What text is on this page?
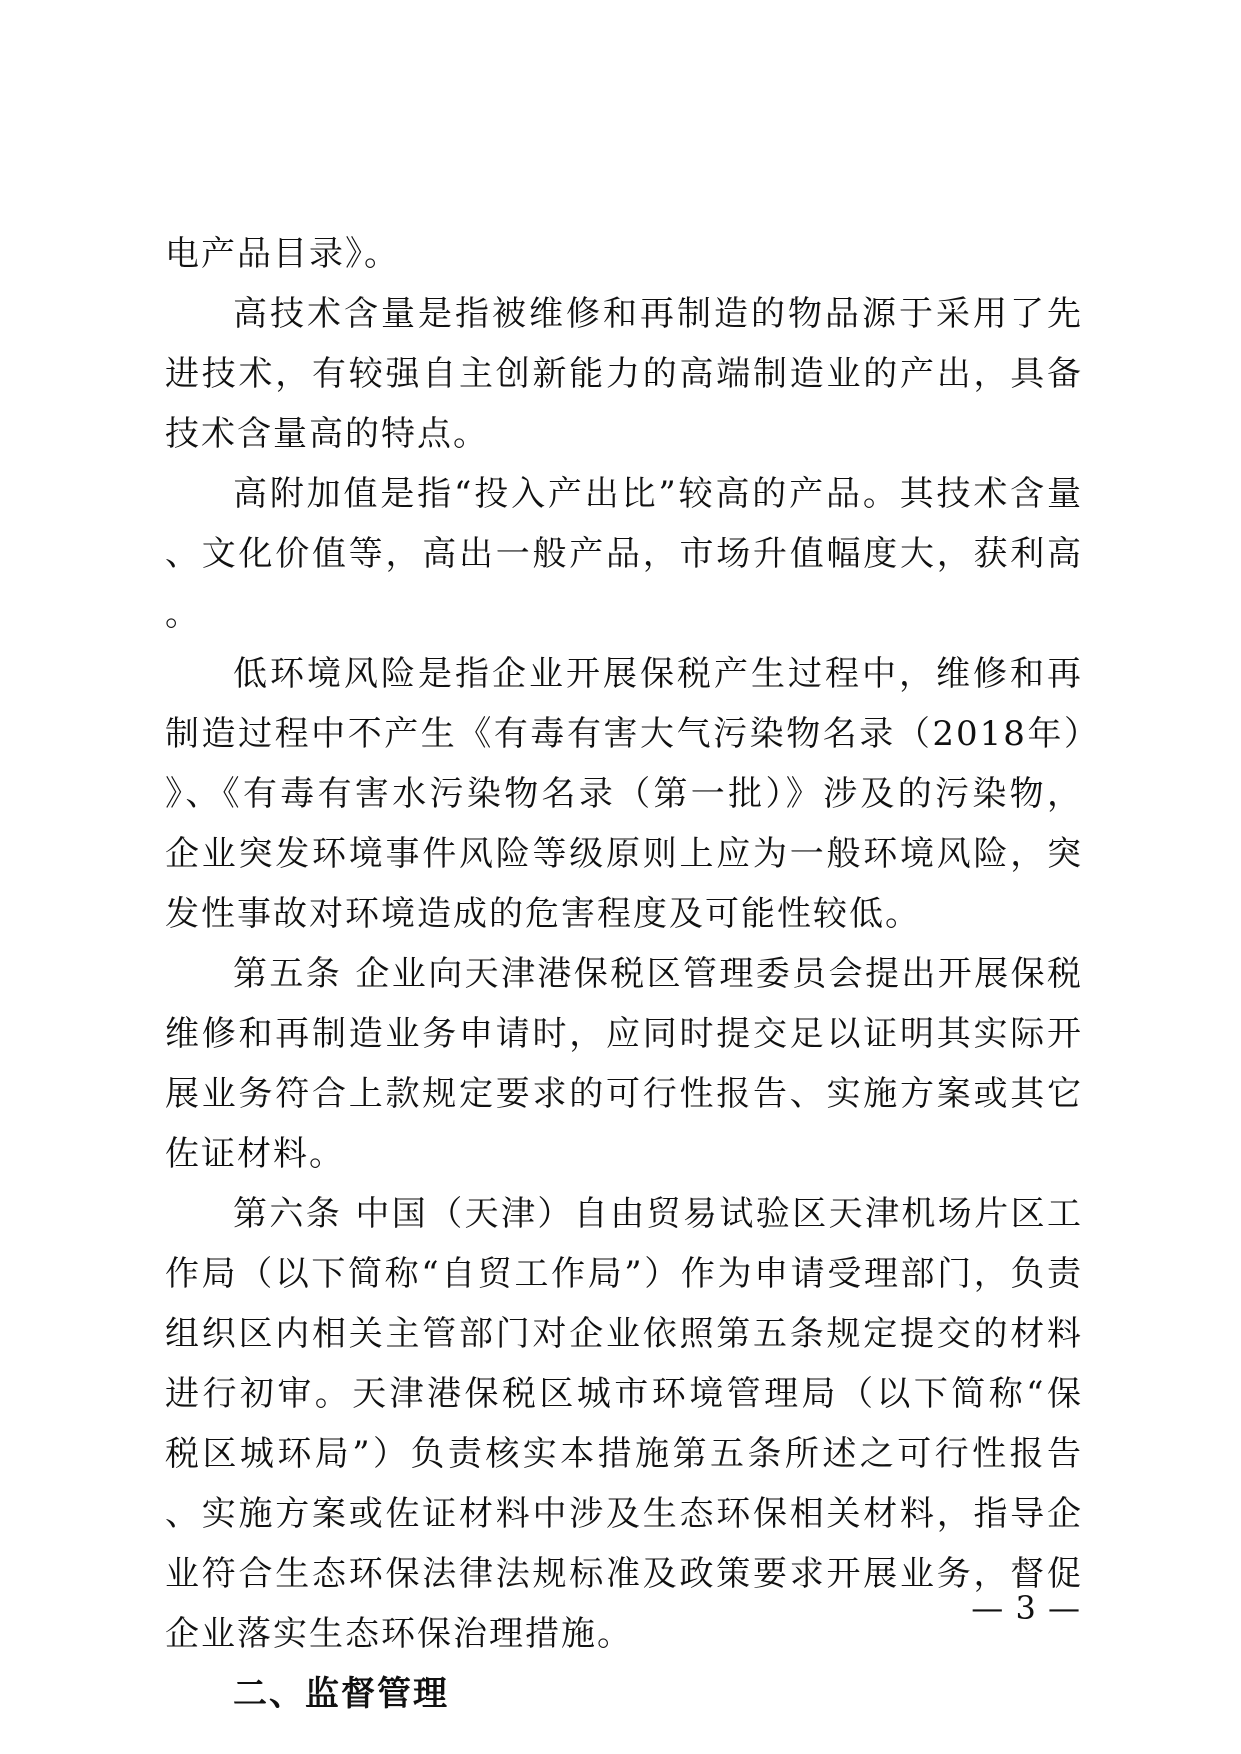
电产品目录》。

高技术含量是指被维修和再制造的物品源于采用了先进技术，有较强自主创新能力的高端制造业的产出，具备技术含量高的特点。

高附加值是指“投入产出比”较高的产品。其技术含量、文化价值等，高出一般产品，市场升值幅度大，获利高。

低环境风险是指企业开展保税产生过程中，维修和再制造过程中不产生《有毒有害大气污染物名录（2018年）》、《有毒有害水污染物名录（第一批）》涉及的污染物，企业突发环境事件风险等级原则上应为一般环境风险，突发性事故对环境造成的危害程度及可能性较低。

第五条 企业向天津港保税区管理委员会提出开展保税维修和再制造业务申请时，应同时提交足以证明其实际开展业务符合上款规定要求的可行性报告、实施方案或其它佐证材料。

第六条 中国（天津）自由贸易试验区天津机场片区工作局（以下简称“自贸工作局”）作为申请受理部门，负责组织区内相关主管部门对企业依照第五条规定提交的材料进行初审。天津港保税区城市环境管理局（以下简称“保税区城环局”）负责核实本措施第五条所述之可行性报告、实施方案或佐证材料中涉及生态环保相关材料，指导企业符合生态环保法律法规标准及政策要求开展业务，督促企业落实生态环保治理措施。

二、监督管理
— 3 —
